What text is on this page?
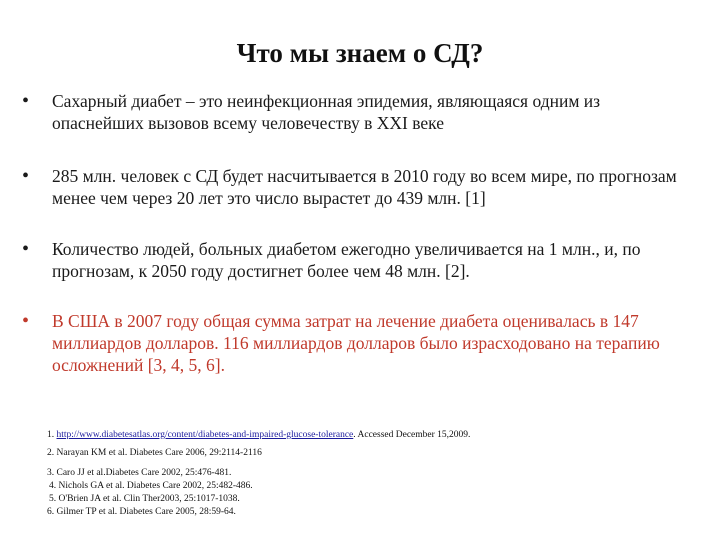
Что мы знаем о СД?
• Сахарный диабет – это неинфекционная эпидемия, являющаяся одним из опаснейших вызовов всему человечеству в XXI веке
• 285 млн. человек с СД будет насчитывается в 2010 году во всем мире, по прогнозам менее чем через 20 лет это число вырастет до 439 млн. [1]
• Количество людей, больных диабетом ежегодно увеличивается на 1 млн., и, по прогнозам, к 2050 году достигнет более чем 48 млн. [2].
• В США в 2007 году общая сумма затрат на лечение диабета оценивалась в 147 миллиардов долларов. 116 миллиардов долларов было израсходовано на терапию осложнений [3, 4, 5, 6].
1. http://www.diabetesatlas.org/content/diabetes-and-impaired-glucose-tolerance. Accessed December 15,2009.
2. Narayan KM et al. Diabetes Care 2006, 29:2114-2116
3. Caro JJ et al.Diabetes Care 2002, 25:476-481.
4. Nichols GA et al. Diabetes Care 2002, 25:482-486.
5. O'Brien JA et al. Clin Ther2003, 25:1017-1038.
6. Gilmer TP et al. Diabetes Care 2005, 28:59-64.
